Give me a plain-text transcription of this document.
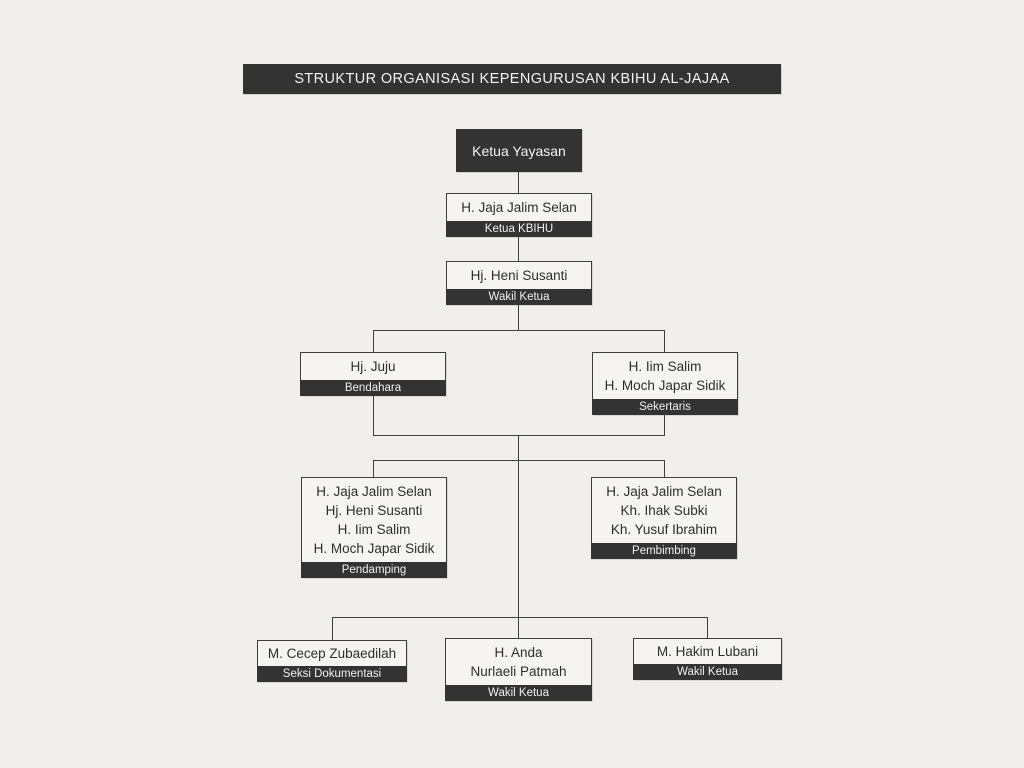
STRUKTUR ORGANISASI KEPENGURUSAN KBIHU AL-JAJAA
Ketua Yayasan
H. Jaja Jalim Selan
Ketua KBIHU
Hj. Heni Susanti
Wakil Ketua
Hj. Juju
Bendahara
H. Iim Salim
H. Moch Japar Sidik
Sekertaris
H. Jaja Jalim Selan
Hj. Heni Susanti
H. Iim Salim
H. Moch Japar Sidik
Pendamping
H. Jaja Jalim Selan
Kh. Ihak Subki
Kh. Yusuf Ibrahim
Pembimbing
M. Cecep Zubaedilah
Seksi Dokumentasi
H. Anda
Nurlaeli Patmah
Wakil Ketua
M. Hakim Lubani
Wakil Ketua
